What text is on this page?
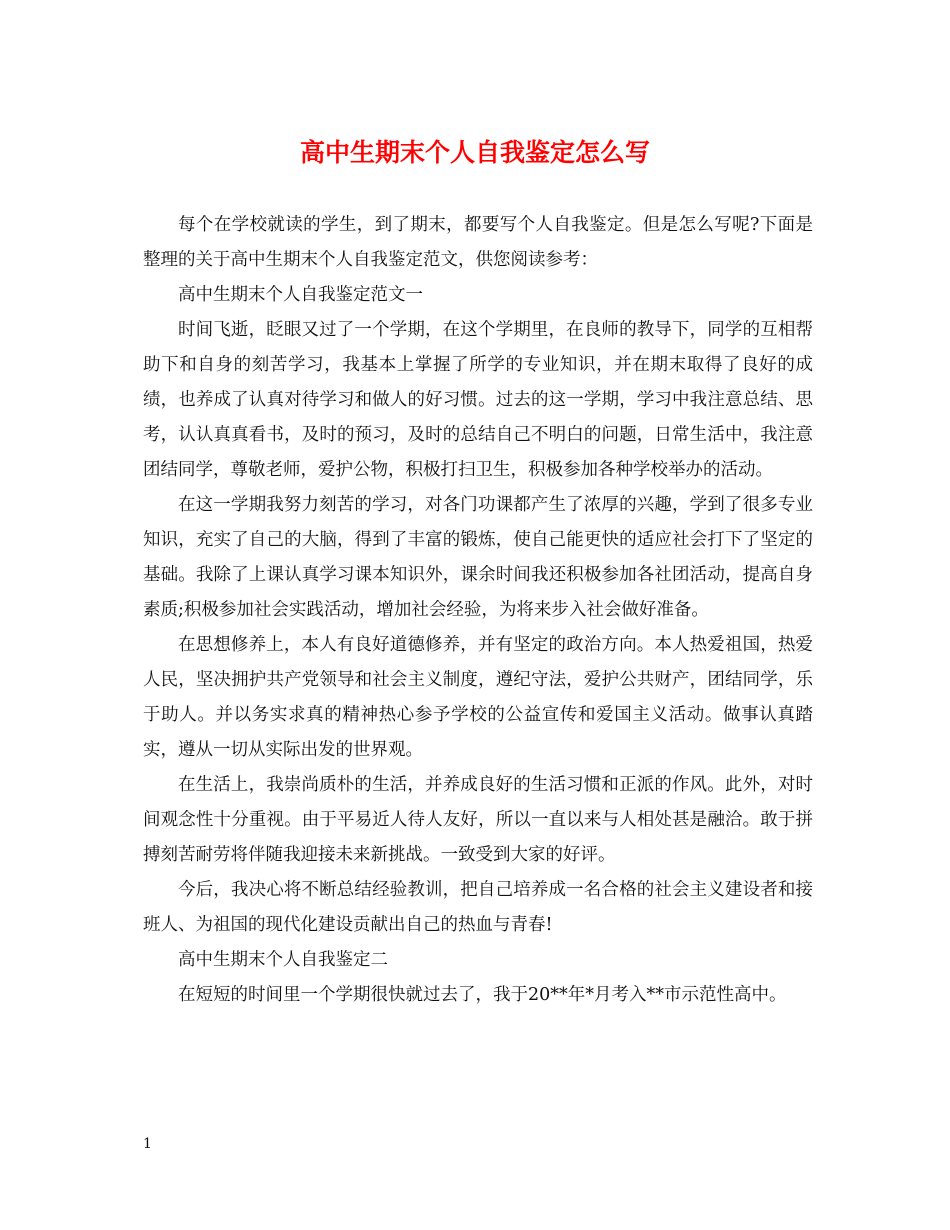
高中生期末个人自我鉴定怎么写

每个在学校就读的学生，到了期末，都要写个人自我鉴定。但是怎么写呢?下面是整理的关于高中生期末个人自我鉴定范文，供您阅读参考：

高中生期末个人自我鉴定范文一

时间飞逝，眨眼又过了一个学期，在这个学期里，在良师的教导下，同学的互相帮助下和自身的刻苦学习，我基本上掌握了所学的专业知识，并在期末取得了良好的成绩，也养成了认真对待学习和做人的好习惯。过去的这一学期，学习中我注意总结、思考，认认真真看书，及时的预习，及时的总结自己不明白的问题，日常生活中，我注意团结同学，尊敬老师，爱护公物，积极打扫卫生，积极参加各种学校举办的活动。

在这一学期我努力刻苦的学习，对各门功课都产生了浓厚的兴趣，学到了很多专业知识，充实了自己的大脑，得到了丰富的锻炼，使自己能更快的适应社会打下了坚定的基础。我除了上课认真学习课本知识外，课余时间我还积极参加各社团活动，提高自身素质;积极参加社会实践活动，增加社会经验，为将来步入社会做好准备。

在思想修养上，本人有良好道德修养，并有坚定的政治方向。本人热爱祖国，热爱人民，坚决拥护共产党领导和社会主义制度，遵纪守法，爱护公共财产，团结同学，乐于助人。并以务实求真的精神热心参予学校的公益宣传和爱国主义活动。做事认真踏实，遵从一切从实际出发的世界观。

在生活上，我崇尚质朴的生活，并养成良好的生活习惯和正派的作风。此外，对时间观念性十分重视。由于平易近人待人友好，所以一直以来与人相处甚是融洽。敢于拼搏刻苦耐劳将伴随我迎接未来新挑战。一致受到大家的好评。

今后，我决心将不断总结经验教训，把自己培养成一名合格的社会主义建设者和接班人、为祖国的现代化建设贡献出自己的热血与青春!

高中生期末个人自我鉴定二

在短短的时间里一个学期很快就过去了，我于20**年*月考入**市示范性高中。

1
